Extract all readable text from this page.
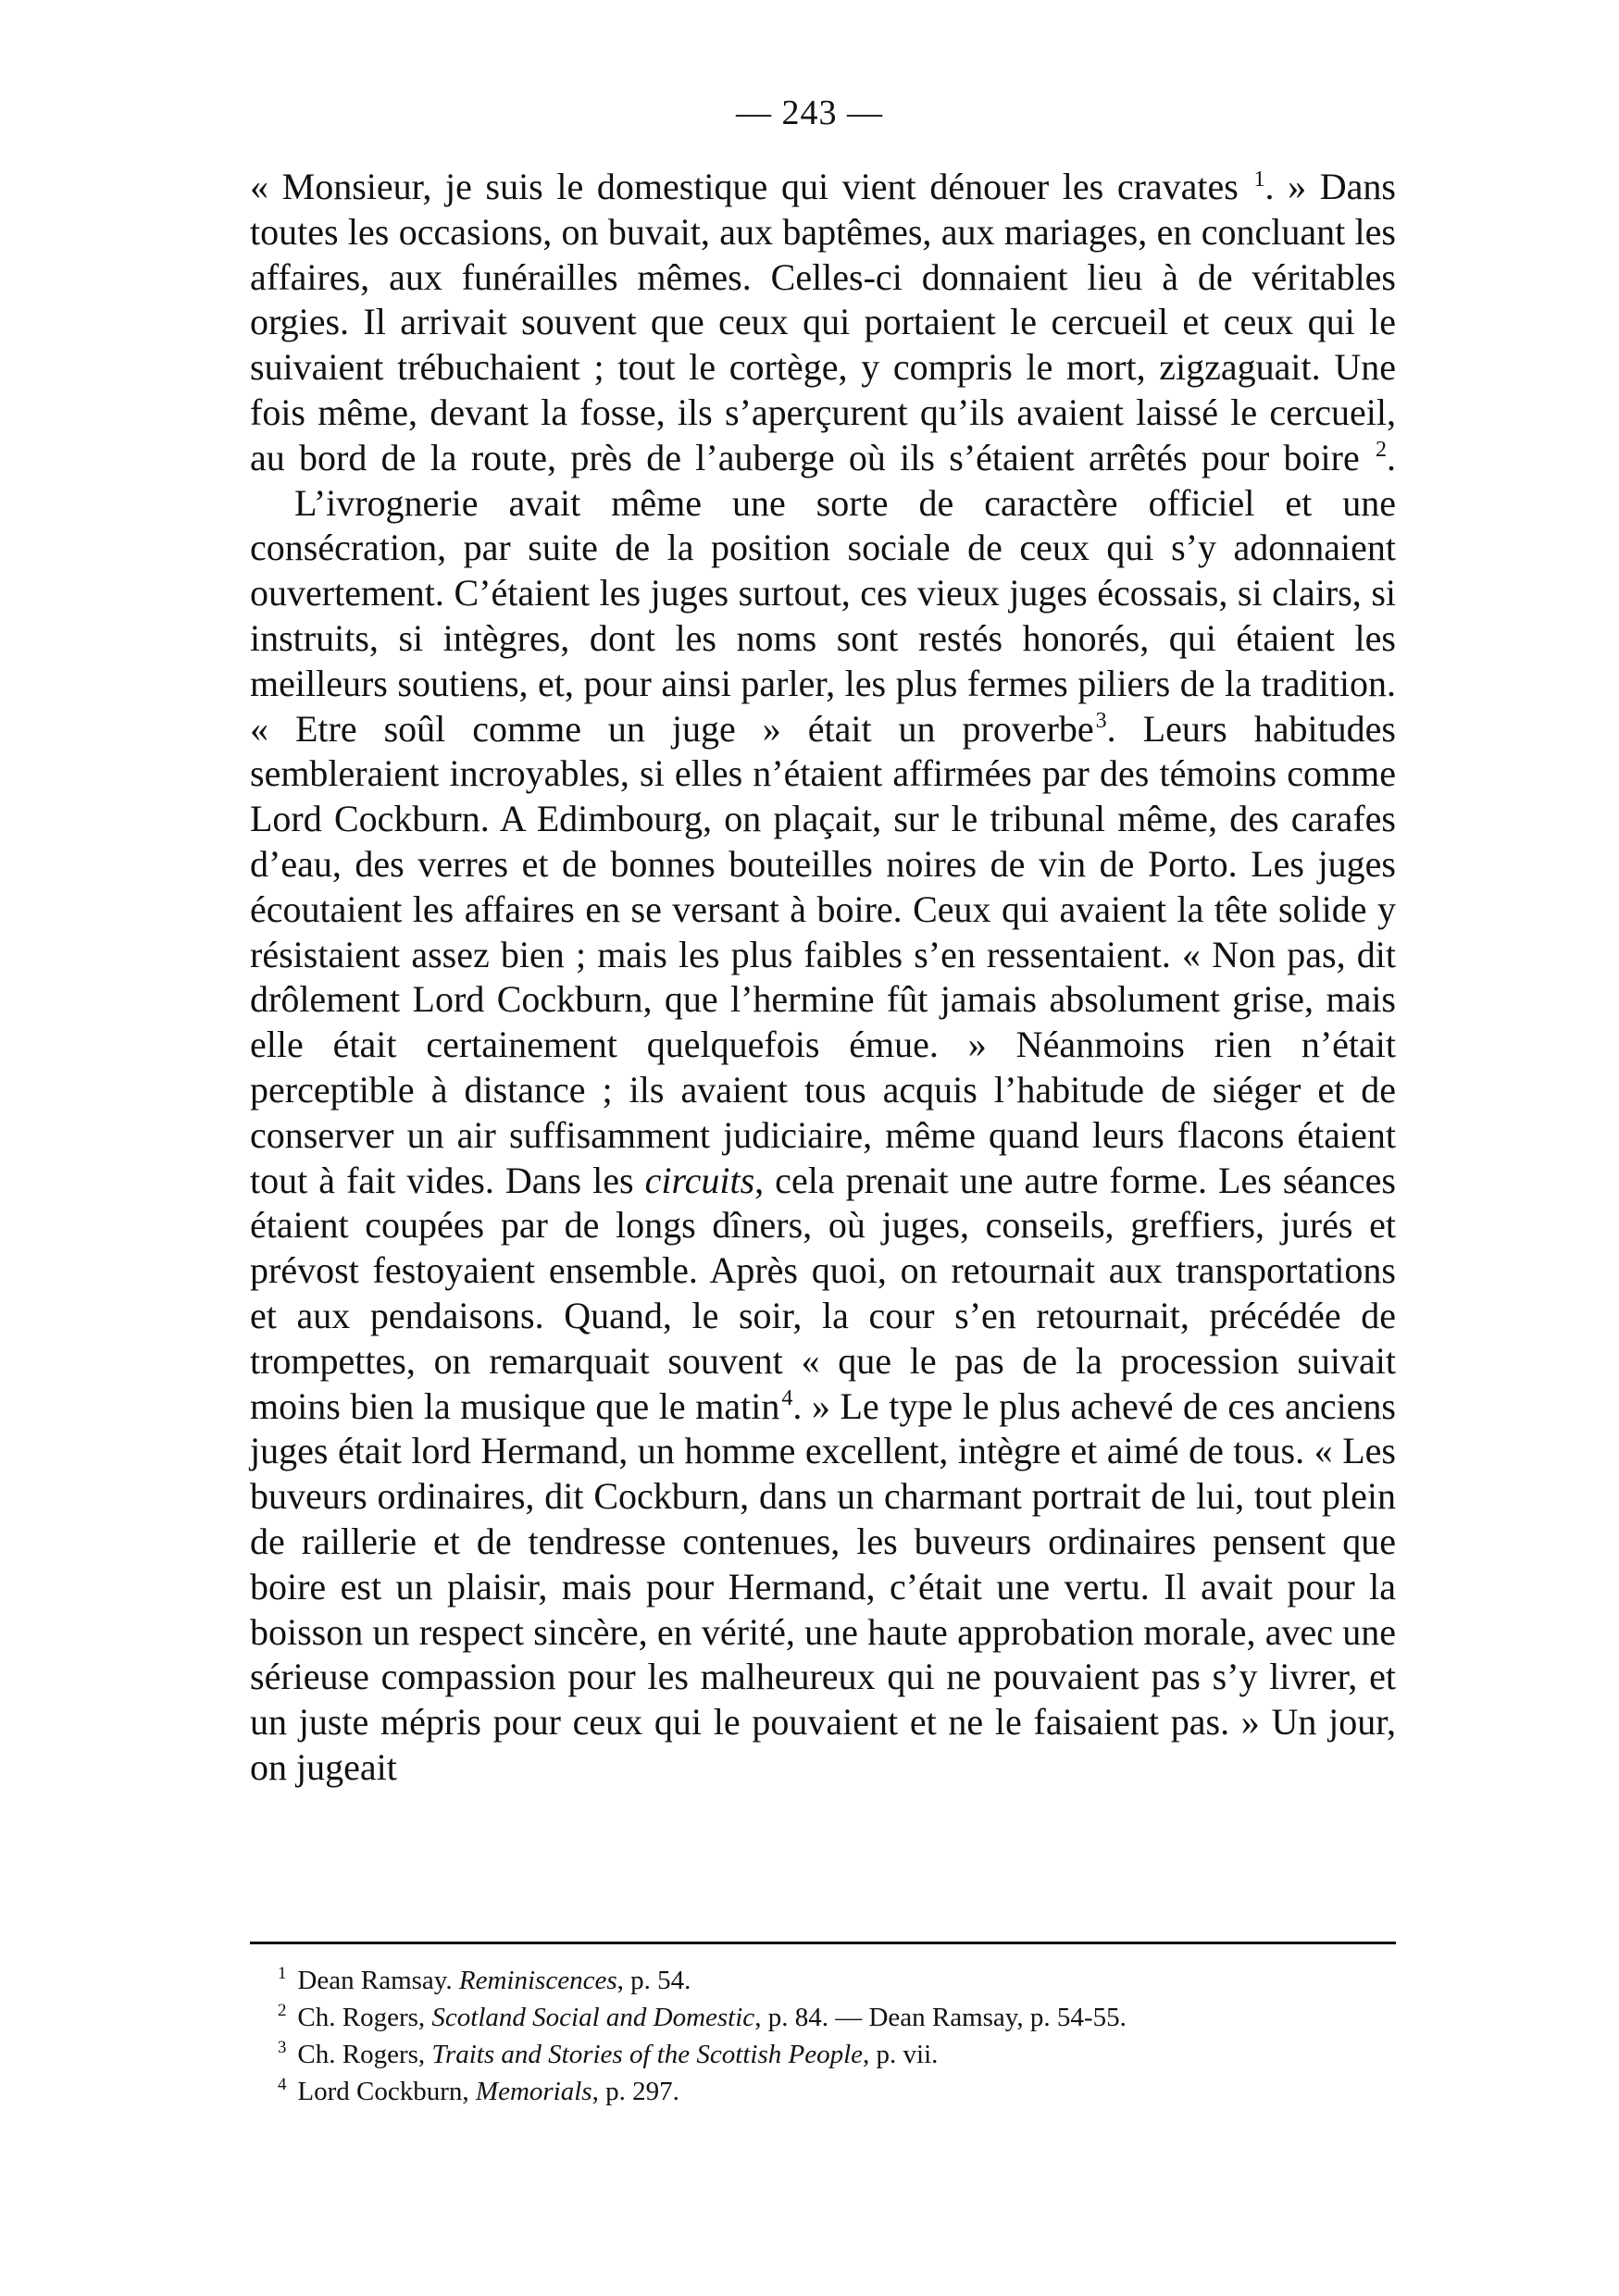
— 243 —

« Monsieur, je suis le domestique qui vient dénouer les cravates $^1$. » Dans toutes les occasions, on buvait, aux baptêmes, aux mariages, en concluant les affaires, aux funérailles mêmes. Celles-ci donnaient lieu à de véritables orgies. Il arrivait souvent que ceux qui portaient le cercueil et ceux qui le suivaient trébuchaient ; tout le cortège, y compris le mort, zigzaguait. Une fois même, devant la fosse, ils s’aperçurent qu’ils avaient laissé le cercueil, au bord de la route, près de l’auberge où ils s’étaient arrêtés pour boire $^2$.

L’ivrognerie avait même une sorte de caractère officiel et une consécration, par suite de la position sociale de ceux qui s’y adonnaient ouvertement. C’étaient les juges surtout, ces vieux juges écossais, si clairs, si instruits, si intègres, dont les noms sont restés honorés, qui étaient les meilleurs soutiens, et, pour ainsi parler, les plus fermes piliers de la tradition. « Etre soûl comme un juge » était un proverbe$^3$. Leurs habitudes sembleraient incroyables, si elles n’étaient affirmées par des témoins comme Lord Cockburn. A Edimbourg, on plaçait, sur le tribunal même, des carafes d’eau, des verres et de bonnes bouteilles noires de vin de Porto. Les juges écoutaient les affaires en se versant à boire. Ceux qui avaient la tête solide y résistaient assez bien ; mais les plus faibles s’en ressentaient. « Non pas, dit drôlement Lord Cockburn, que l’hermine fût jamais absolument grise, mais elle était certainement quelquefois émue. » Néanmoins rien n’était perceptible à distance ; ils avaient tous acquis l’habitude de siéger et de conserver un air suffisamment judiciaire, même quand leurs flacons étaient tout à fait vides. Dans les circuits, cela prenait une autre forme. Les séances étaient coupées par de longs dîners, où juges, conseils, greffiers, jurés et prévost festoyaient ensemble. Après quoi, on retournait aux transportations et aux pendaisons. Quand, le soir, la cour s’en retournait, précédée de trompettes, on remarquait souvent « que le pas de la procession suivait moins bien la musique que le matin$^4$. » Le type le plus achevé de ces anciens juges était lord Hermand, un homme excellent, intègre et aimé de tous. « Les buveurs ordinaires, dit Cockburn, dans un charmant portrait de lui, tout plein de raillerie et de tendresse contenues, les buveurs ordinaires pensent que boire est un plaisir, mais pour Hermand, c’était une vertu. Il avait pour la boisson un respect sincère, en vérité, une haute approbation morale, avec une sérieuse compassion pour les malheureux qui ne pouvaient pas s’y livrer, et un juste mépris pour ceux qui le pouvaient et ne le faisaient pas. » Un jour, on jugeait

$^1$ Dean Ramsay. Reminiscences, p. 54.

$^2$ Ch. Rogers, Scotland Social and Domestic, p. 84. — Dean Ramsay, p. 54-55.

$^3$ Ch. Rogers, Traits and Stories of the Scottish People, p. vii.

$^4$ Lord Cockburn, Memorials, p. 297.
